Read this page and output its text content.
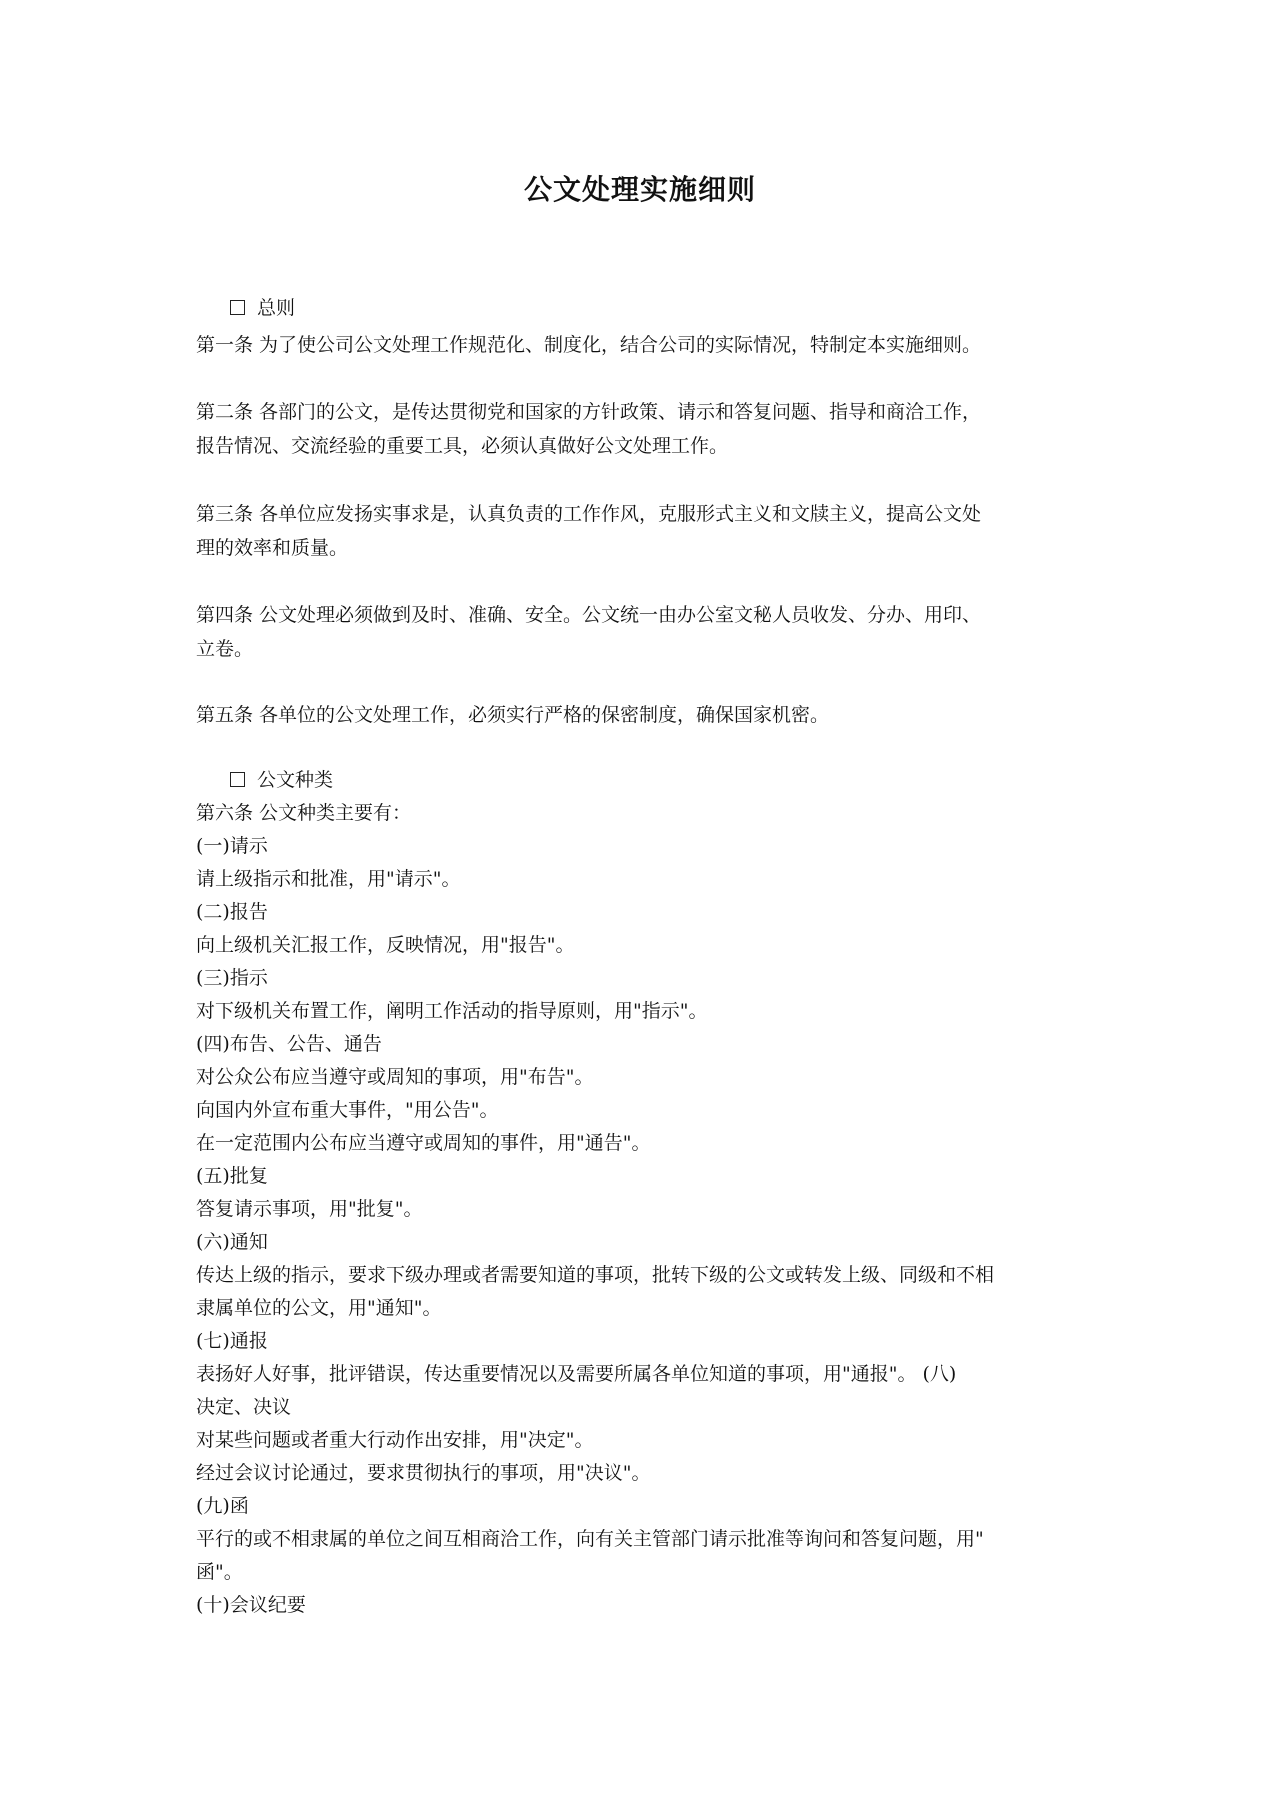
公文处理实施细则
总则
第一条 为了使公司公文处理工作规范化、制度化，结合公司的实际情况，特制定本实施细则。
第二条 各部门的公文，是传达贯彻党和国家的方针政策、请示和答复问题、指导和商洽工作，
报告情况、交流经验的重要工具，必须认真做好公文处理工作。
第三条 各单位应发扬实事求是，认真负责的工作作风，克服形式主义和文牍主义，提高公文处
理的效率和质量。
第四条 公文处理必须做到及时、准确、安全。公文统一由办公室文秘人员收发、分办、用印、
立卷。
第五条 各单位的公文处理工作，必须实行严格的保密制度，确保国家机密。
公文种类
第六条 公文种类主要有：
(一)请示
请上级指示和批准，用"请示"。
(二)报告
向上级机关汇报工作，反映情况，用"报告"。
(三)指示
对下级机关布置工作，阐明工作活动的指导原则，用"指示"。
(四)布告、公告、通告
对公众公布应当遵守或周知的事项，用"布告"。
向国内外宣布重大事件，"用公告"。
在一定范围内公布应当遵守或周知的事件，用"通告"。
(五)批复
答复请示事项，用"批复"。
(六)通知
传达上级的指示，要求下级办理或者需要知道的事项，批转下级的公文或转发上级、同级和不相
隶属单位的公文，用"通知"。
(七)通报
表扬好人好事，批评错误，传达重要情况以及需要所属各单位知道的事项，用"通报"。 (八)
决定、决议
对某些问题或者重大行动作出安排，用"决定"。
经过会议讨论通过，要求贯彻执行的事项，用"决议"。
(九)函
平行的或不相隶属的单位之间互相商洽工作，向有关主管部门请示批准等询问和答复问题，用"
函"。
(十)会议纪要
